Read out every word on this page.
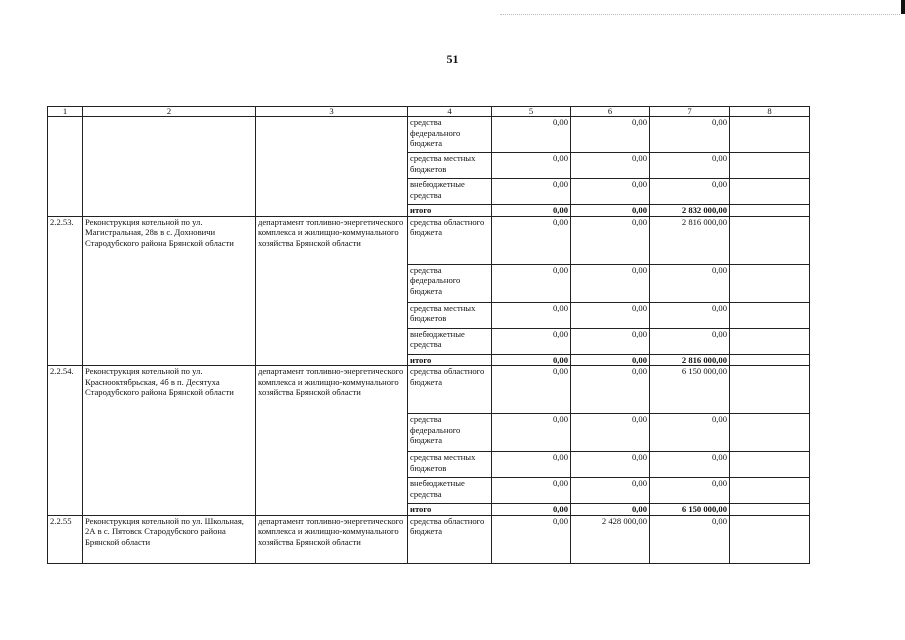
51
1	2	3	4	5	6	7	8
			средства федерального бюджета	0,00	0,00	0,00	
			средства местных бюджетов	0,00	0,00	0,00	
			внебюджетные средства	0,00	0,00	0,00	
			итого	0,00	0,00	2 832 000,00	
2.2.53.	Реконструкция котельной по ул. Магистральная, 28в в с. Дохновичи Стародубского района Брянской области	департамент топливно-энергетического комплекса и жилищно-коммунального хозяйства Брянской области	средства областного бюджета	0,00	0,00	2 816 000,00	
			средства федерального бюджета	0,00	0,00	0,00	
			средства местных бюджетов	0,00	0,00	0,00	
			внебюджетные средства	0,00	0,00	0,00	
			итого	0,00	0,00	2 816 000,00	
2.2.54.	Реконструкция котельной по ул. Краснооктябрьская, 4б в п. Десятуха Стародубского района Брянской области	департамент топливно-энергетического комплекса и жилищно-коммунального хозяйства Брянской области	средства областного бюджета	0,00	0,00	6 150 000,00	
			средства федерального бюджета	0,00	0,00	0,00	
			средства местных бюджетов	0,00	0,00	0,00	
			внебюджетные средства	0,00	0,00	0,00	
			итого	0,00	0,00	6 150 000,00	
2.2.55	Реконструкция котельной по ул. Школьная, 2А в с. Пятовск Стародубского района Брянской области	департамент топливно-энергетического комплекса и жилищно-коммунального хозяйства Брянской области	средства областного бюджета	0,00	2 428 000,00	0,00	
